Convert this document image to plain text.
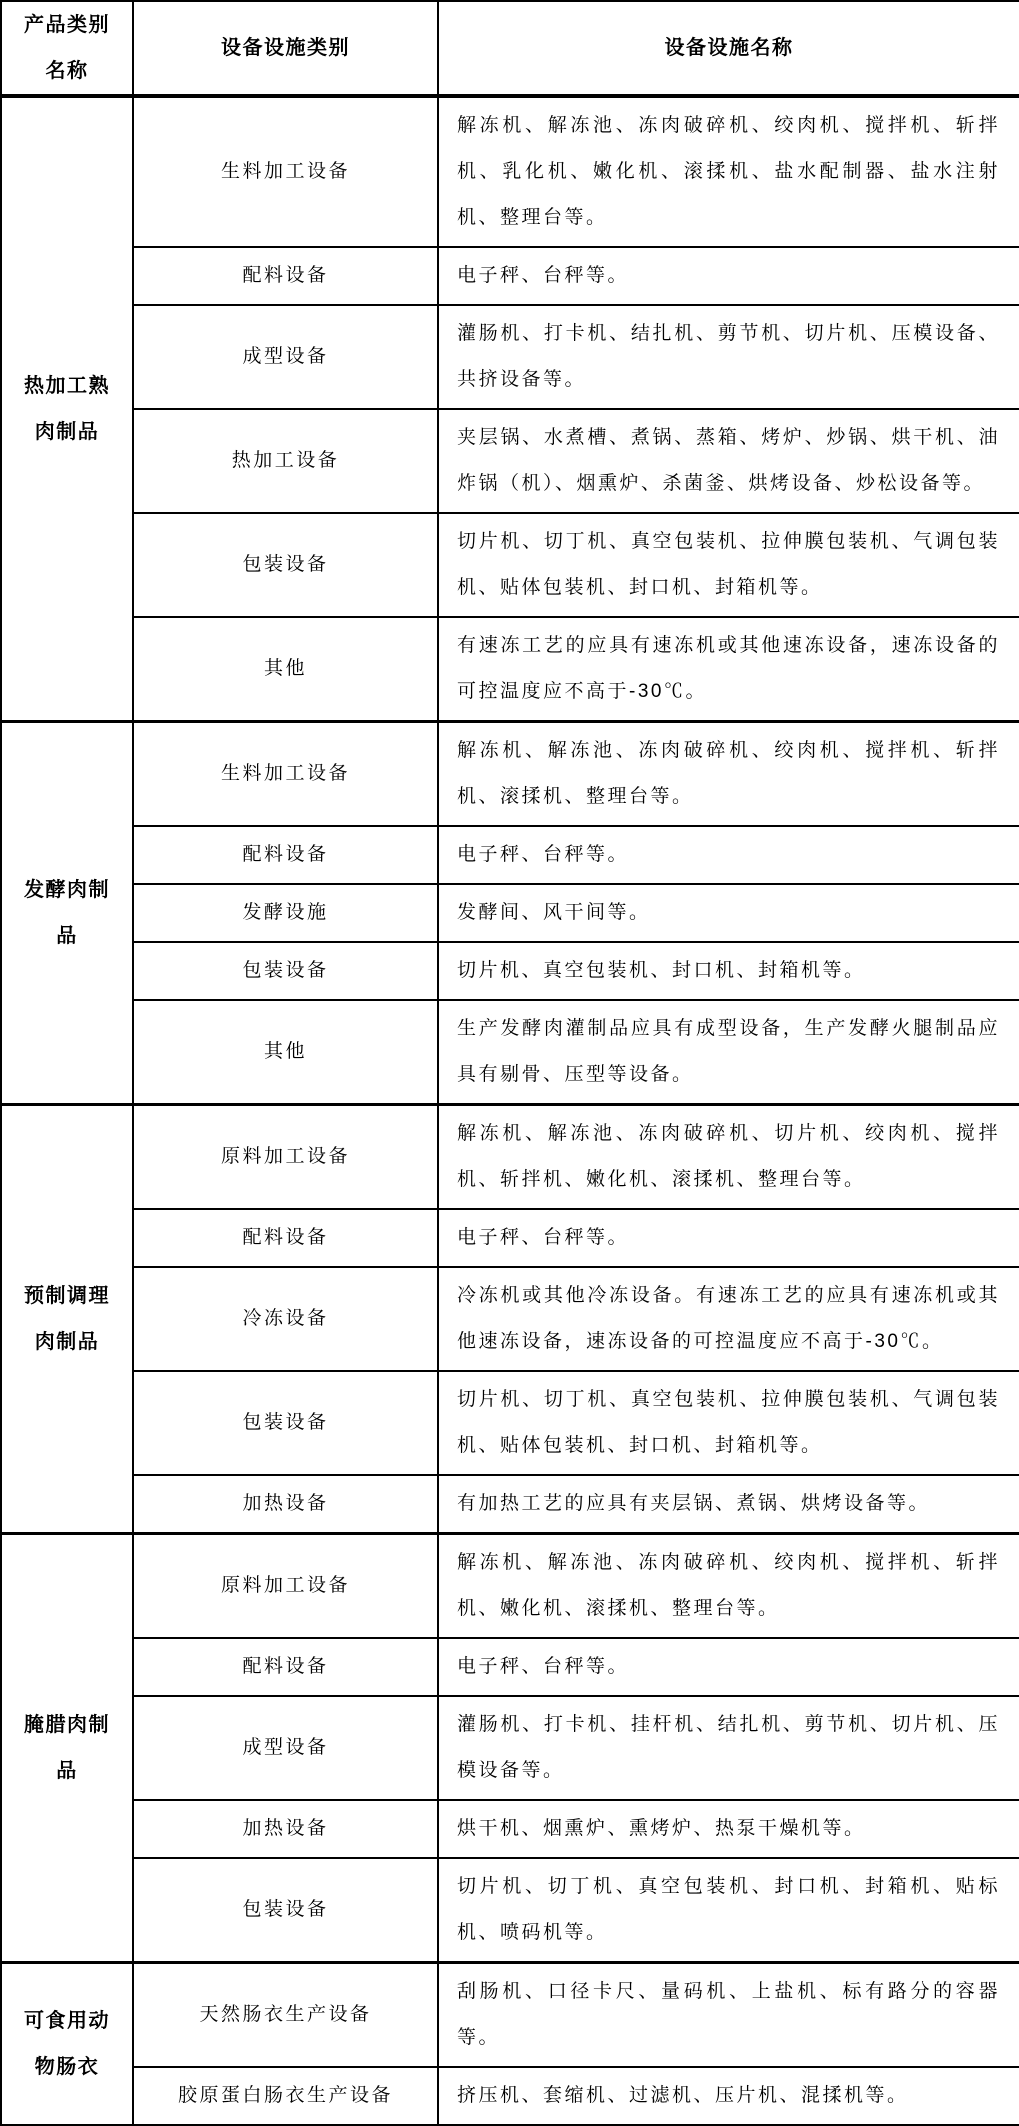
产品类别名称	设备设施类别	设备设施名称
热加工熟肉制品	生料加工设备	解冻机、解冻池、冻肉破碎机、绞肉机、搅拌机、斩拌机、乳化机、嫩化机、滚揉机、盐水配制器、盐水注射机、整理台等。
	配料设备	电子秤、台秤等。
	成型设备	灌肠机、打卡机、结扎机、剪节机、切片机、压模设备、共挤设备等。
	热加工设备	夹层锅、水煮槽、煮锅、蒸箱、烤炉、炒锅、烘干机、油炸锅（机）、烟熏炉、杀菌釜、烘烤设备、炒松设备等。
	包装设备	切片机、切丁机、真空包装机、拉伸膜包装机、气调包装机、贴体包装机、封口机、封箱机等。
	其他	有速冻工艺的应具有速冻机或其他速冻设备，速冻设备的可控温度应不高于-30℃。
发酵肉制品	生料加工设备	解冻机、解冻池、冻肉破碎机、绞肉机、搅拌机、斩拌机、滚揉机、整理台等。
	配料设备	电子秤、台秤等。
	发酵设施	发酵间、风干间等。
	包装设备	切片机、真空包装机、封口机、封箱机等。
	其他	生产发酵肉灌制品应具有成型设备，生产发酵火腿制品应具有剔骨、压型等设备。
预制调理肉制品	原料加工设备	解冻机、解冻池、冻肉破碎机、切片机、绞肉机、搅拌机、斩拌机、嫩化机、滚揉机、整理台等。
	配料设备	电子秤、台秤等。
	冷冻设备	冷冻机或其他冷冻设备。有速冻工艺的应具有速冻机或其他速冻设备，速冻设备的可控温度应不高于-30℃。
	包装设备	切片机、切丁机、真空包装机、拉伸膜包装机、气调包装机、贴体包装机、封口机、封箱机等。
	加热设备	有加热工艺的应具有夹层锅、煮锅、烘烤设备等。
腌腊肉制品	原料加工设备	解冻机、解冻池、冻肉破碎机、绞肉机、搅拌机、斩拌机、嫩化机、滚揉机、整理台等。
	配料设备	电子秤、台秤等。
	成型设备	灌肠机、打卡机、挂杆机、结扎机、剪节机、切片机、压模设备等。
	加热设备	烘干机、烟熏炉、熏烤炉、热泵干燥机等。
	包装设备	切片机、切丁机、真空包装机、封口机、封箱机、贴标机、喷码机等。
可食用动物肠衣	天然肠衣生产设备	刮肠机、口径卡尺、量码机、上盐机、标有路分的容器等。
	胶原蛋白肠衣生产设备	挤压机、套缩机、过滤机、压片机、混揉机等。
